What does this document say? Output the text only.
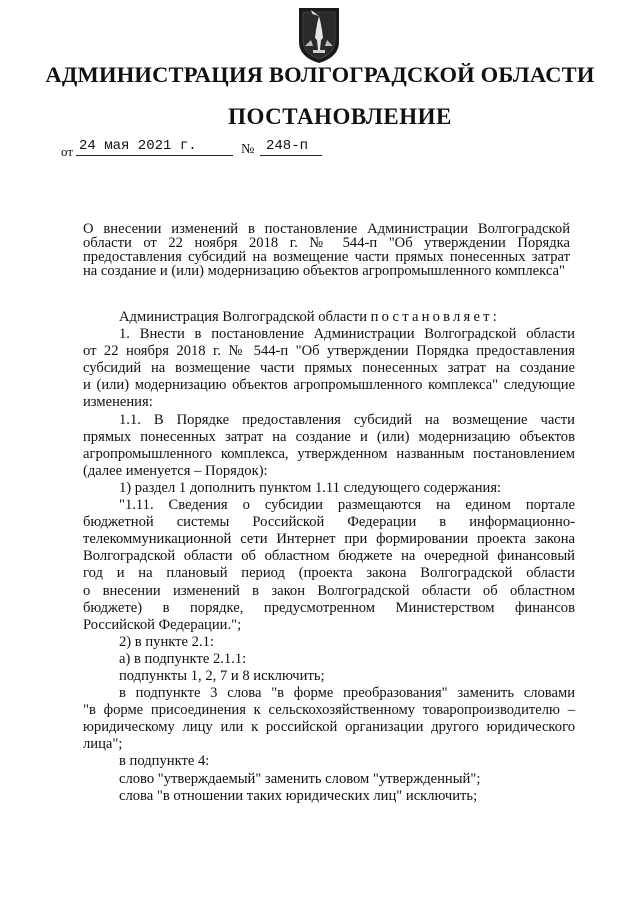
АДМИНИСТРАЦИЯ ВОЛГОГРАДСКОЙ ОБЛАСТИ
ПОСТАНОВЛЕНИЕ
от 24 мая 2021 г.	№ 248-п
О внесении изменений в постановление Администрации Волгоградской
области от 22 ноября 2018 г. № 544-п "Об утверждении Порядка
предоставления субсидий на возмещение части прямых понесенных затрат
на создание и (или) модернизацию объектов агропромышленного комплекса"
Администрация Волгоградской области постановляет:
1. Внести в постановление Администрации Волгоградской области
от 22 ноября 2018 г. № 544-п "Об утверждении Порядка предоставления
субсидий на возмещение части прямых понесенных затрат на создание
и (или) модернизацию объектов агропромышленного комплекса" следующие
изменения:
1.1. В Порядке предоставления субсидий на возмещение части
прямых понесенных затрат на создание и (или) модернизацию объектов
агропромышленного комплекса, утвержденном названным постановлением
(далее именуется – Порядок):
1) раздел 1 дополнить пунктом 1.11 следующего содержания:
"1.11. Сведения о субсидии размещаются на едином портале
бюджетной системы Российской Федерации в информационно-
телекоммуникационной сети Интернет при формировании проекта закона
Волгоградской области об областном бюджете на очередной финансовый
год и на плановый период (проекта закона Волгоградской области
о внесении изменений в закон Волгоградской области об областном
бюджете) в порядке, предусмотренном Министерством финансов
Российской Федерации.";
2) в пункте 2.1:
а) в подпункте 2.1.1:
подпункты 1, 2, 7 и 8 исключить;
в подпункте 3 слова "в форме преобразования" заменить словами
"в форме присоединения к сельскохозяйственному товаропроизводителю –
юридическому лицу или к российской организации другого юридического
лица";
в подпункте 4:
слово "утверждаемый" заменить словом "утвержденный";
слова "в отношении таких юридических лиц" исключить;
